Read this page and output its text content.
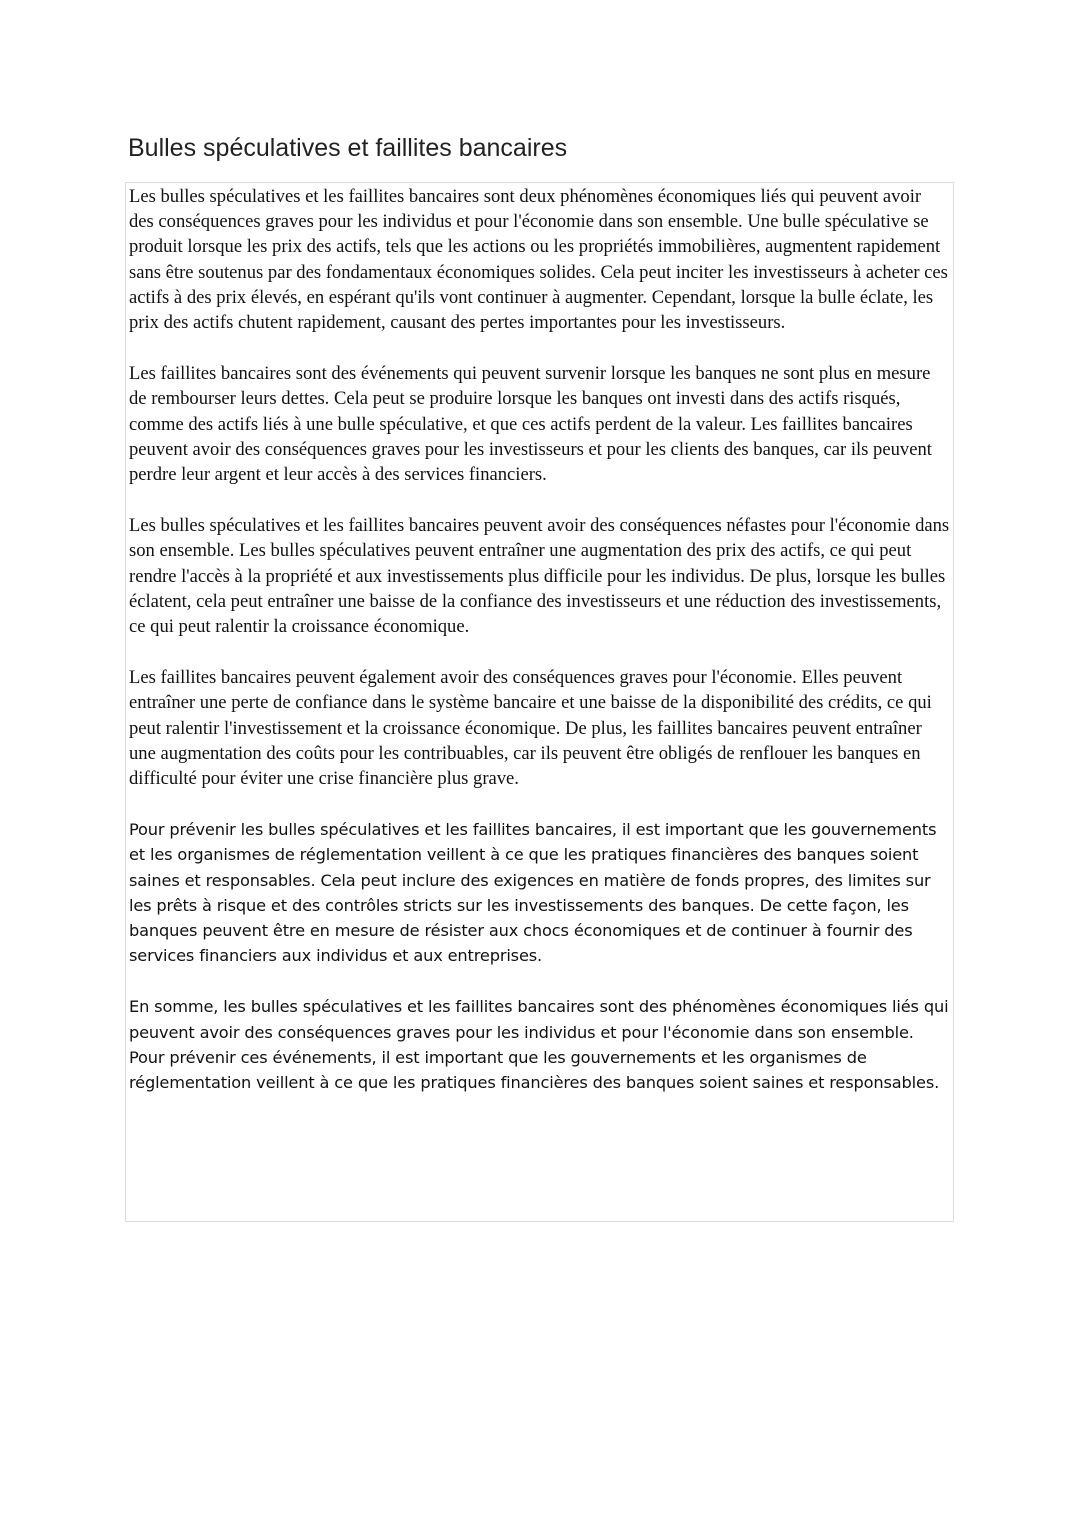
Bulles spéculatives et faillites bancaires

Les bulles spéculatives et les faillites bancaires sont deux phénomènes économiques liés qui peuvent avoir des conséquences graves pour les individus et pour l'économie dans son ensemble. Une bulle spéculative se produit lorsque les prix des actifs, tels que les actions ou les propriétés immobilières, augmentent rapidement sans être soutenus par des fondamentaux économiques solides. Cela peut inciter les investisseurs à acheter ces actifs à des prix élevés, en espérant qu'ils vont continuer à augmenter. Cependant, lorsque la bulle éclate, les prix des actifs chutent rapidement, causant des pertes importantes pour les investisseurs.

Les faillites bancaires sont des événements qui peuvent survenir lorsque les banques ne sont plus en mesure de rembourser leurs dettes. Cela peut se produire lorsque les banques ont investi dans des actifs risqués, comme des actifs liés à une bulle spéculative, et que ces actifs perdent de la valeur. Les faillites bancaires peuvent avoir des conséquences graves pour les investisseurs et pour les clients des banques, car ils peuvent perdre leur argent et leur accès à des services financiers.

Les bulles spéculatives et les faillites bancaires peuvent avoir des conséquences néfastes pour l'économie dans son ensemble. Les bulles spéculatives peuvent entraîner une augmentation des prix des actifs, ce qui peut rendre l'accès à la propriété et aux investissements plus difficile pour les individus. De plus, lorsque les bulles éclatent, cela peut entraîner une baisse de la confiance des investisseurs et une réduction des investissements, ce qui peut ralentir la croissance économique.

Les faillites bancaires peuvent également avoir des conséquences graves pour l'économie. Elles peuvent entraîner une perte de confiance dans le système bancaire et une baisse de la disponibilité des crédits, ce qui peut ralentir l'investissement et la croissance économique. De plus, les faillites bancaires peuvent entraîner une augmentation des coûts pour les contribuables, car ils peuvent être obligés de renflouer les banques en difficulté pour éviter une crise financière plus grave.

Pour prévenir les bulles spéculatives et les faillites bancaires, il est important que les gouvernements et les organismes de réglementation veillent à ce que les pratiques financières des banques soient saines et responsables. Cela peut inclure des exigences en matière de fonds propres, des limites sur les prêts à risque et des contrôles stricts sur les investissements des banques. De cette façon, les banques peuvent être en mesure de résister aux chocs économiques et de continuer à fournir des services financiers aux individus et aux entreprises.

En somme, les bulles spéculatives et les faillites bancaires sont des phénomènes économiques liés qui peuvent avoir des conséquences graves pour les individus et pour l'économie dans son ensemble. Pour prévenir ces événements, il est important que les gouvernements et les organismes de réglementation veillent à ce que les pratiques financières des banques soient saines et responsables.
